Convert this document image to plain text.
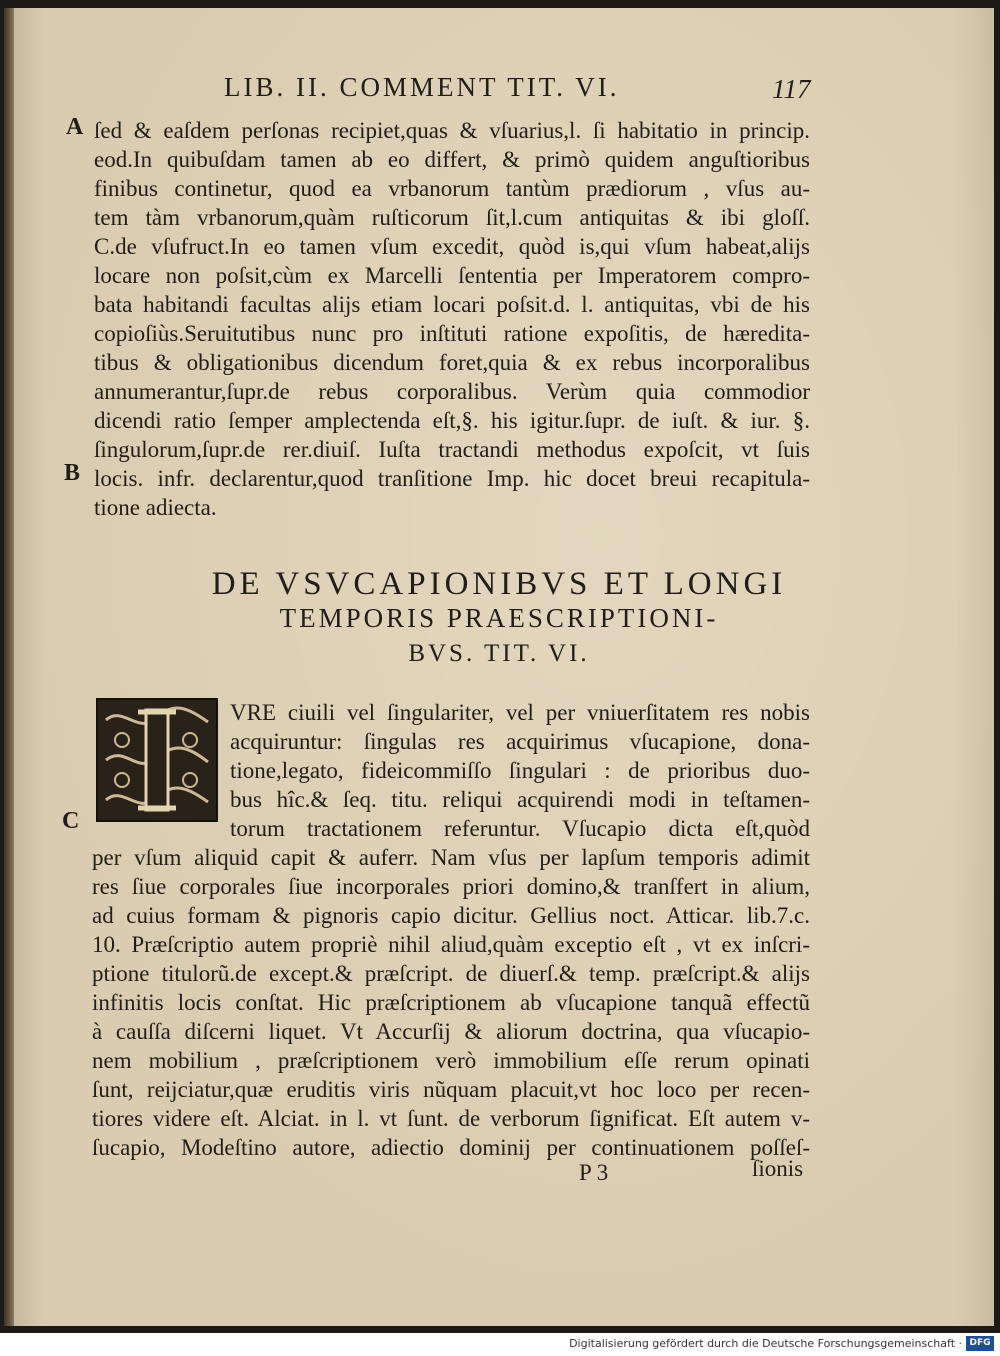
LIB. II. COMMENT TIT. VI.	117
A
B
C
ſed & eaſdem perſonas recipiet,quas & vſuarius,l. ſi habitatio in princip.
eod.In quibuſdam tamen ab eo differt, & primò quidem anguſtioribus
finibus continetur, quod ea vrbanorum tantùm prædiorum , vſus au-
tem tàm vrbanorum,quàm ruſticorum ſit,l.cum antiquitas & ibi gloſſ.
C.de vſufruct.In eo tamen vſum excedit, quòd is,qui vſum habeat,alijs
locare non poſsit,cùm ex Marcelli ſententia per Imperatorem compro-
bata habitandi facultas alijs etiam locari poſsit.d. l. antiquitas, vbi de his
copioſiùs.Seruitutibus nunc pro inſtituti ratione expoſitis, de hæredita-
tibus & obligationibus dicendum foret,quia & ex rebus incorporalibus
annumerantur,ſupr.de rebus corporalibus. Verùm quia commodior
dicendi ratio ſemper amplectenda eſt,§. his igitur.ſupr. de iuſt. & iur. §.
ſingulorum,ſupr.de rer.diuiſ. Iuſta tractandi methodus expoſcit, vt ſuis
locis. infr. declarentur,quod tranſitione Imp. hic docet breui recapitula-
tione adiecta.
DE VSVCAPIONIBVS ET LONGI
TEMPORIS PRAESCRIPTIONI-
BVS. TIT. VI.
VRE ciuili vel ſingulariter, vel per vniuerſitatem res nobis
acquiruntur: ſingulas res acquirimus vſucapione, dona-
tione,legato, fideicommiſſo ſingulari : de prioribus duo-
bus hîc.& ſeq. titu. reliqui acquirendi modi in teſtamen-
torum tractationem referuntur. Vſucapio dicta eſt,quòd
per vſum aliquid capit & auferr. Nam vſus per lapſum temporis adimit
res ſiue corporales ſiue incorporales priori domino,& tranſfert in alium,
ad cuius formam & pignoris capio dicitur. Gellius noct. Atticar. lib.7.c.
10. Præſcriptio autem propriè nihil aliud,quàm exceptio eſt , vt ex inſcri-
ptione titulorũ.de except.& præſcript. de diuerſ.& temp. præſcript.& alijs
infinitis locis conſtat. Hic præſcriptionem ab vſucapione tanquã effectũ
à cauſſa diſcerni liquet. Vt Accurſij & aliorum doctrina, qua vſucapio-
nem mobilium , præſcriptionem verò immobilium eſſe rerum opinati
ſunt, reijciatur,quæ eruditis viris nũquam placuit,vt hoc loco per recen-
tiores videre eſt. Alciat. in l. vt ſunt. de verborum ſignificat. Eſt autem v-
ſucapio, Modeſtino autore, adiectio dominij per continuationem poſſeſ-
P 3	ſionis
Digitalisierung gefördert durch die Deutsche Forschungsgemeinschaft · DFG
